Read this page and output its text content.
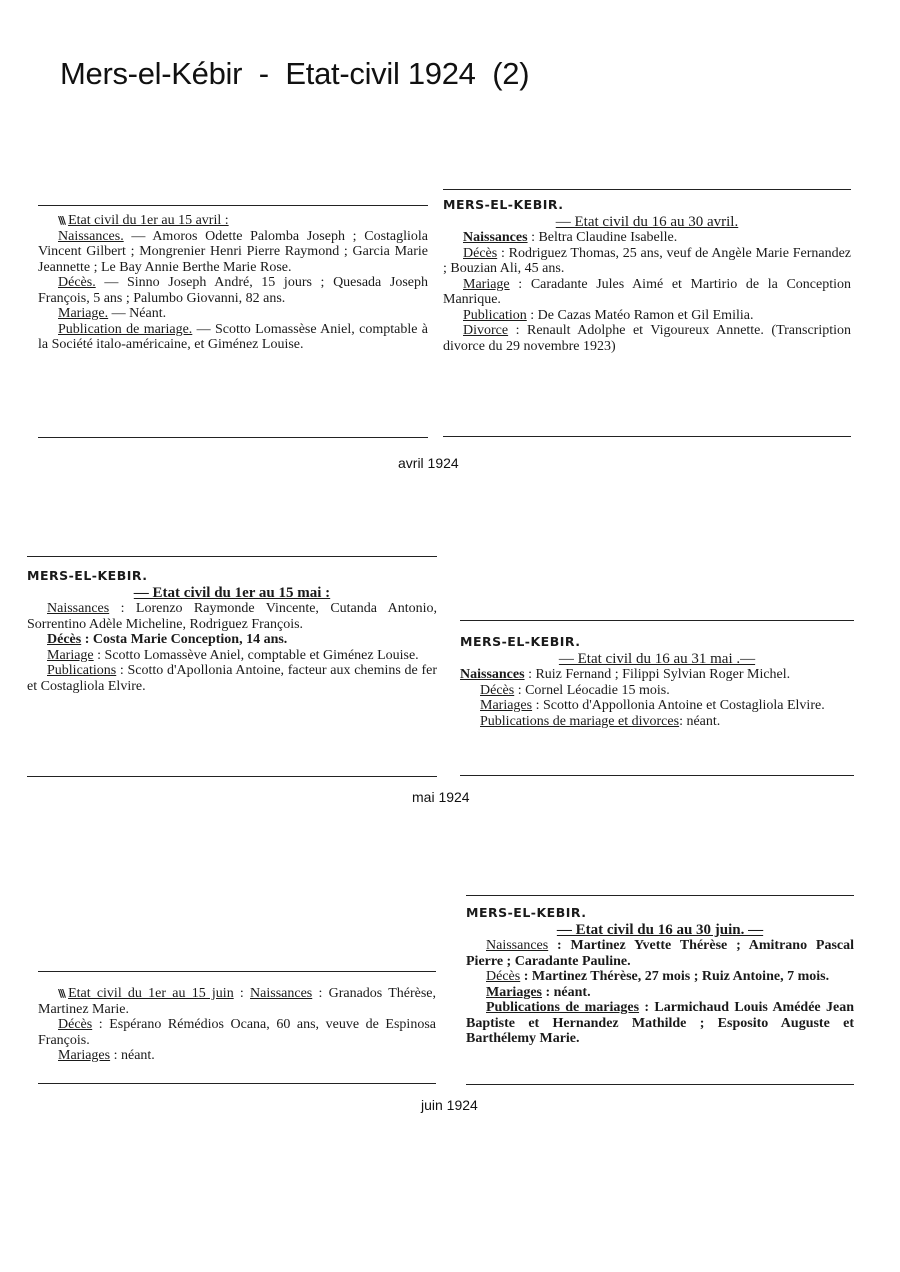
Mers-el-Kébir  -  Etat-civil 1924  (2)

\\\ Etat civil du 1er au 15 avril :

Naissances. — Amoros Odette Palomba Joseph ; Costagliola Vincent Gilbert ; Mongrenier Henri Pierre Raymond ; Garcia Marie Jeannette ; Le Bay Annie Berthe Marie Rose.

Décès. — Sinno Joseph André, 15 jours ; Quesada Joseph François, 5 ans ; Palumbo Giovanni, 82 ans.

Mariage. — Néant.

Publication de mariage. — Scotto Lomassèse Aniel, comptable à la Société italo-américaine, et Giménez Louise.

MERS-EL-KEBIR.

— Etat civil du 16 au 30 avril.

Naissances : Beltra Claudine Isabelle.

Décès : Rodriguez Thomas, 25 ans, veuf de Angèle Marie Fernandez ; Bouzian Ali, 45 ans.

Mariage : Caradante Jules Aimé et Martirio de la Conception Manrique.

Publication : De Cazas Matéo Ramon et Gil Emilia.

Divorce : Renault Adolphe et Vigoureux Annette. (Transcription divorce du 29 novembre 1923)

avril 1924

MERS-EL-KEBIR.

— Etat civil du 1er au 15 mai :

Naissances : Lorenzo Raymonde Vincente, Cutanda Antonio, Sorrentino Adèle Micheline, Rodriguez François.

Décès : Costa Marie Conception, 14 ans.

Mariage : Scotto Lomassève Aniel, comptable et Giménez Louise.

Publications : Scotto d'Apollonia Antoine, facteur aux chemins de fer et Costagliola Elvire.

MERS-EL-KEBIR.

— Etat civil du 16 au 31 mai .—

Naissances : Ruiz Fernand ; Filippi Sylvian Roger Michel.

Décès : Cornel Léocadie 15 mois.

Mariages : Scotto d'Appollonia Antoine et Costagliola Elvire.

Publications de mariage et divorces: néant.

mai 1924

\\\ Etat civil du 1er au 15 juin : Naissances : Granados Thérèse, Martinez Marie.

Décès : Espérano Rémédios Ocana, 60 ans, veuve de Espinosa François.

Mariages : néant.

MERS-EL-KEBIR.

— Etat civil du 16 au 30 juin. —

Naissances : Martinez Yvette Thérèse ; Amitrano Pascal Pierre ; Caradante Pauline.

Décès : Martinez Thérèse, 27 mois ; Ruiz Antoine, 7 mois.

Mariages : néant.

Publications de mariages : Larmichaud Louis Amédée Jean Baptiste et Hernandez Mathilde ; Esposito Auguste et Barthélemy Marie.

juin 1924
